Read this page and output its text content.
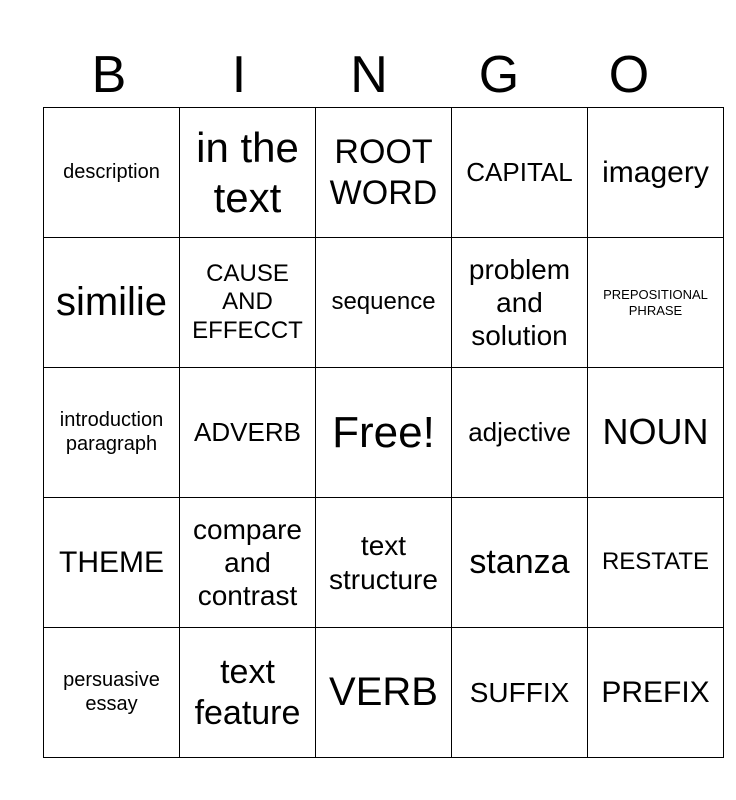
B	I	N	G	O
description	in the text	ROOT WORD	CAPITAL	imagery
similie	CAUSE AND EFFECCT	sequence	problem and solution	PREPOSITIONAL PHRASE
introduction paragraph	ADVERB	Free!	adjective	NOUN
THEME	compare and contrast	text structure	stanza	RESTATE
persuasive essay	text feature	VERB	SUFFIX	PREFIX
